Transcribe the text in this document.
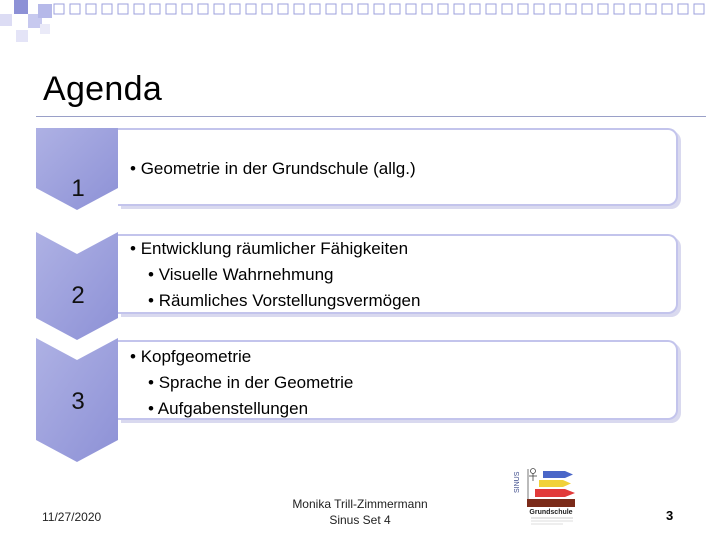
Agenda
1
2
3
• Geometrie in der Grundschule (allg.)
• Entwicklung räumlicher Fähigkeiten
• Visuelle Wahrnehmung
• Räumliches Vorstellungsvermögen
• Kopfgeometrie
• Sprache in der Geometrie
• Aufgabenstellungen
11/27/2020
Monika Trill-Zimmermann
Sinus Set 4
SINUS
Grundschule	3
